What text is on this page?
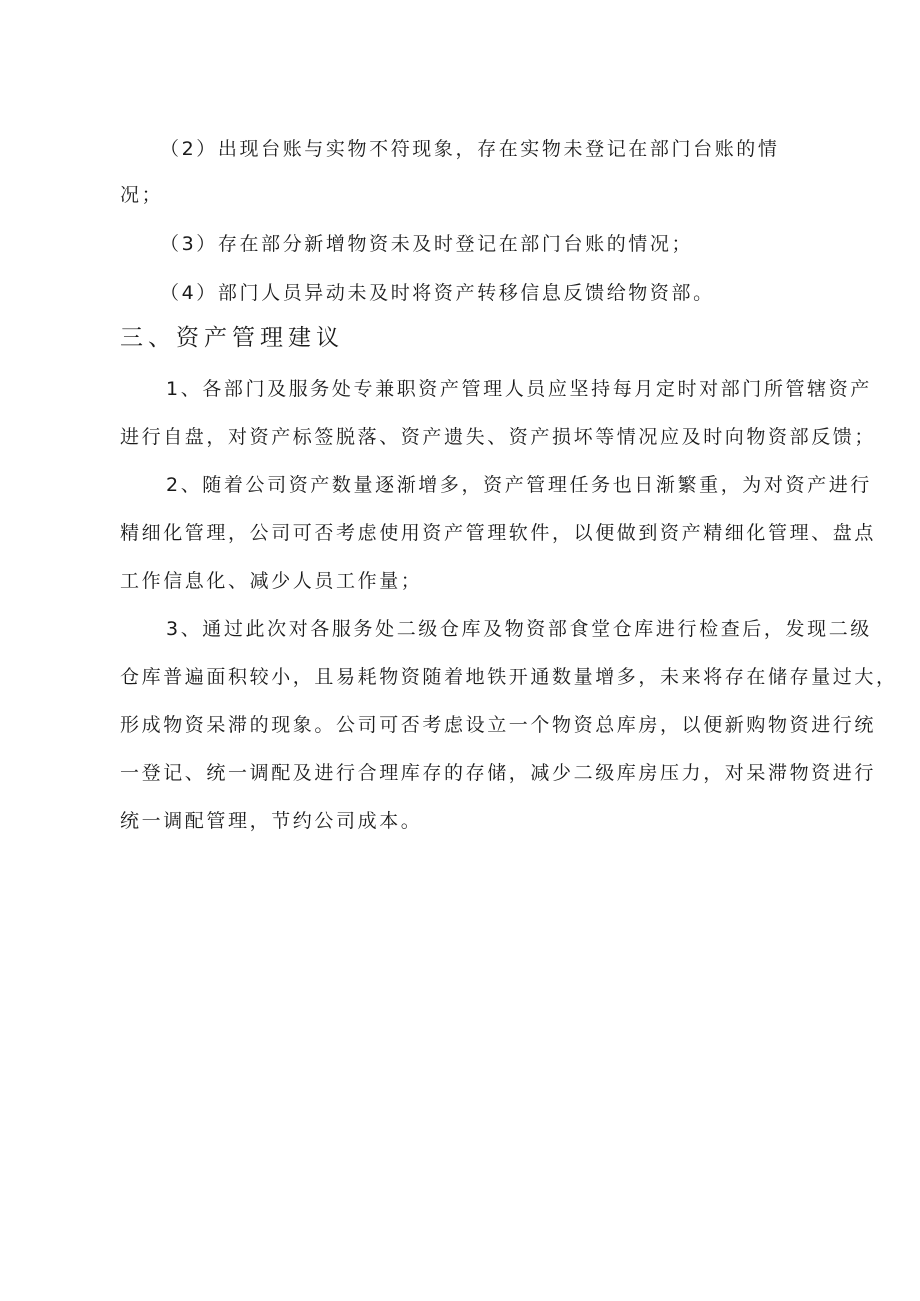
（2）出现台账与实物不符现象，存在实物未登记在部门台账的情
况；
（3）存在部分新增物资未及时登记在部门台账的情况；
（4）部门人员异动未及时将资产转移信息反馈给物资部。
三、资产管理建议
1、各部门及服务处专兼职资产管理人员应坚持每月定时对部门所管辖资产
进行自盘，对资产标签脱落、资产遗失、资产损坏等情况应及时向物资部反馈；
2、随着公司资产数量逐渐增多，资产管理任务也日渐繁重，为对资产进行
精细化管理，公司可否考虑使用资产管理软件，以便做到资产精细化管理、盘点
工作信息化、减少人员工作量；
3、通过此次对各服务处二级仓库及物资部食堂仓库进行检查后，发现二级
仓库普遍面积较小，且易耗物资随着地铁开通数量增多，未来将存在储存量过大，
形成物资呆滞的现象。公司可否考虑设立一个物资总库房，以便新购物资进行统
一登记、统一调配及进行合理库存的存储，减少二级库房压力，对呆滞物资进行
统一调配管理，节约公司成本。
